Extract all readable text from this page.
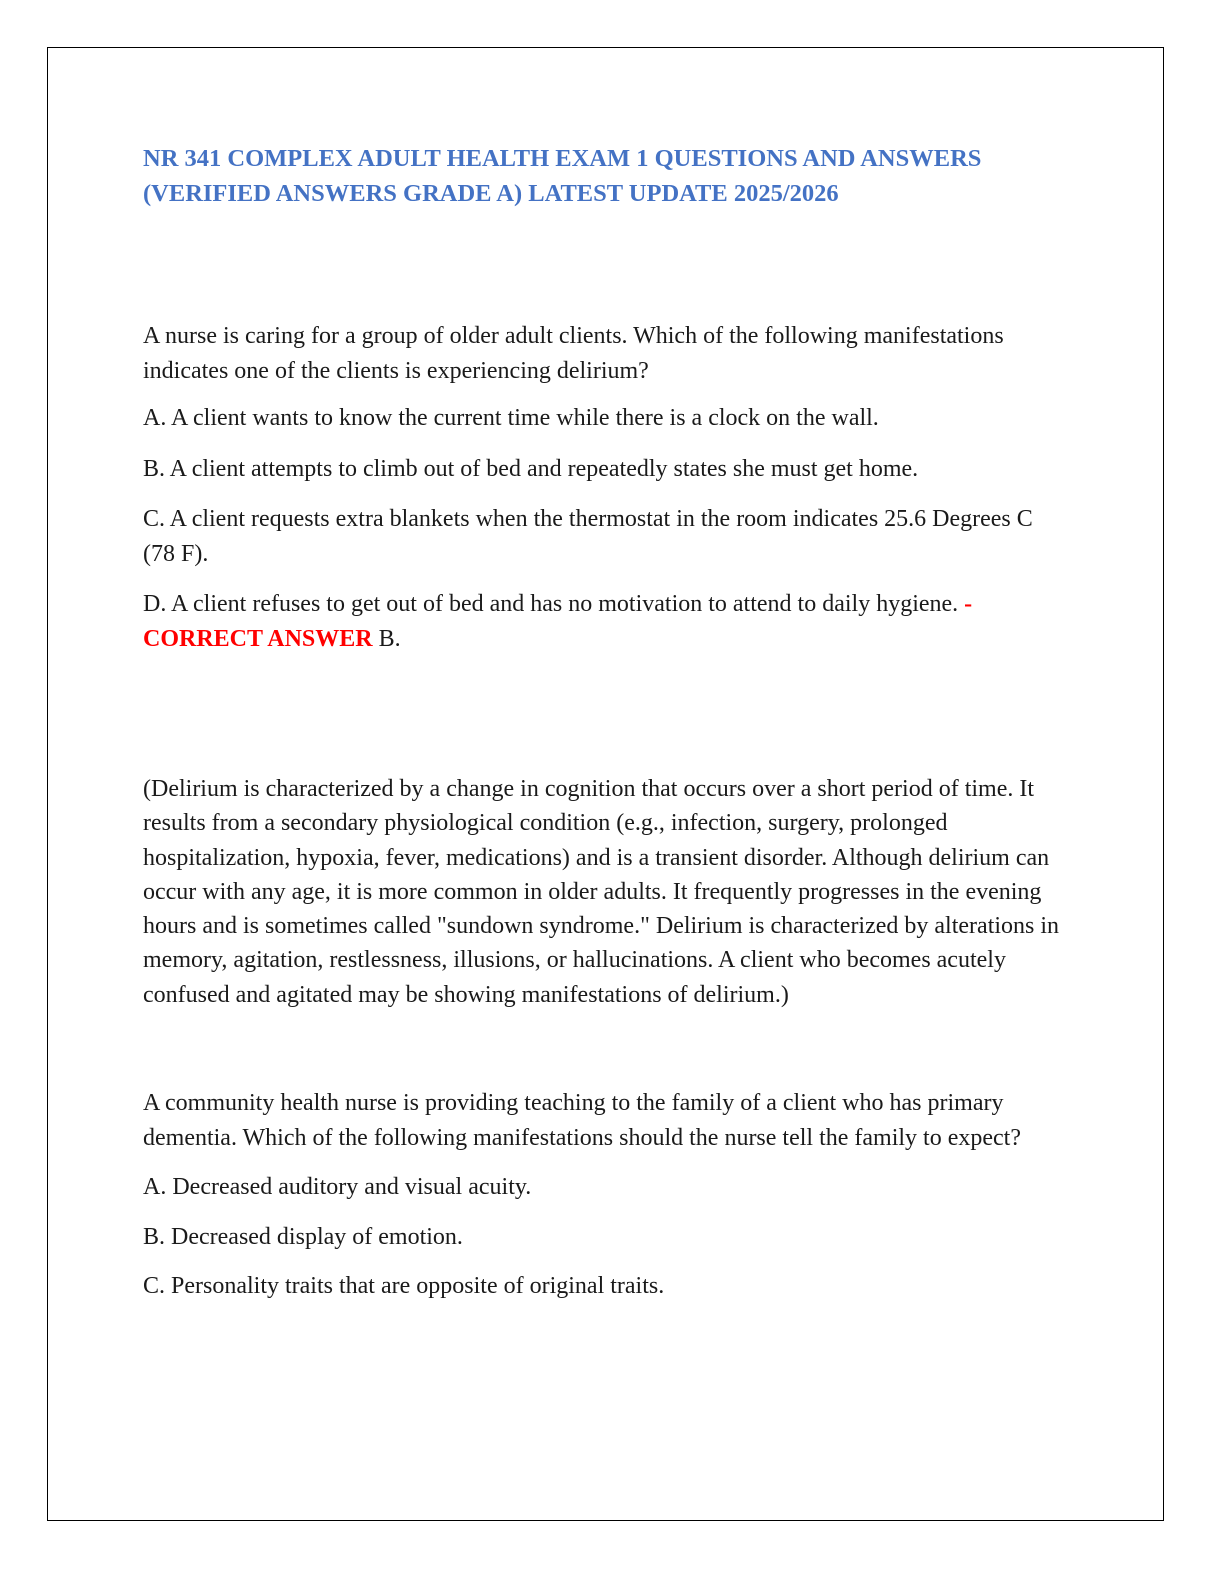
NR 341 COMPLEX ADULT HEALTH EXAM 1 QUESTIONS AND ANSWERS (VERIFIED ANSWERS GRADE A) LATEST UPDATE 2025/2026

A nurse is caring for a group of older adult clients. Which of the following manifestations indicates one of the clients is experiencing delirium?

A. A client wants to know the current time while there is a clock on the wall.

B. A client attempts to climb out of bed and repeatedly states she must get home.

C. A client requests extra blankets when the thermostat in the room indicates 25.6 Degrees C (78 F).

D. A client refuses to get out of bed and has no motivation to attend to daily hygiene. - CORRECT ANSWER B.

(Delirium is characterized by a change in cognition that occurs over a short period of time. It results from a secondary physiological condition (e.g., infection, surgery, prolonged hospitalization, hypoxia, fever, medications) and is a transient disorder. Although delirium can occur with any age, it is more common in older adults. It frequently progresses in the evening hours and is sometimes called "sundown syndrome." Delirium is characterized by alterations in memory, agitation, restlessness, illusions, or hallucinations. A client who becomes acutely confused and agitated may be showing manifestations of delirium.)

A community health nurse is providing teaching to the family of a client who has primary dementia. Which of the following manifestations should the nurse tell the family to expect?

A. Decreased auditory and visual acuity.

B. Decreased display of emotion.

C. Personality traits that are opposite of original traits.
